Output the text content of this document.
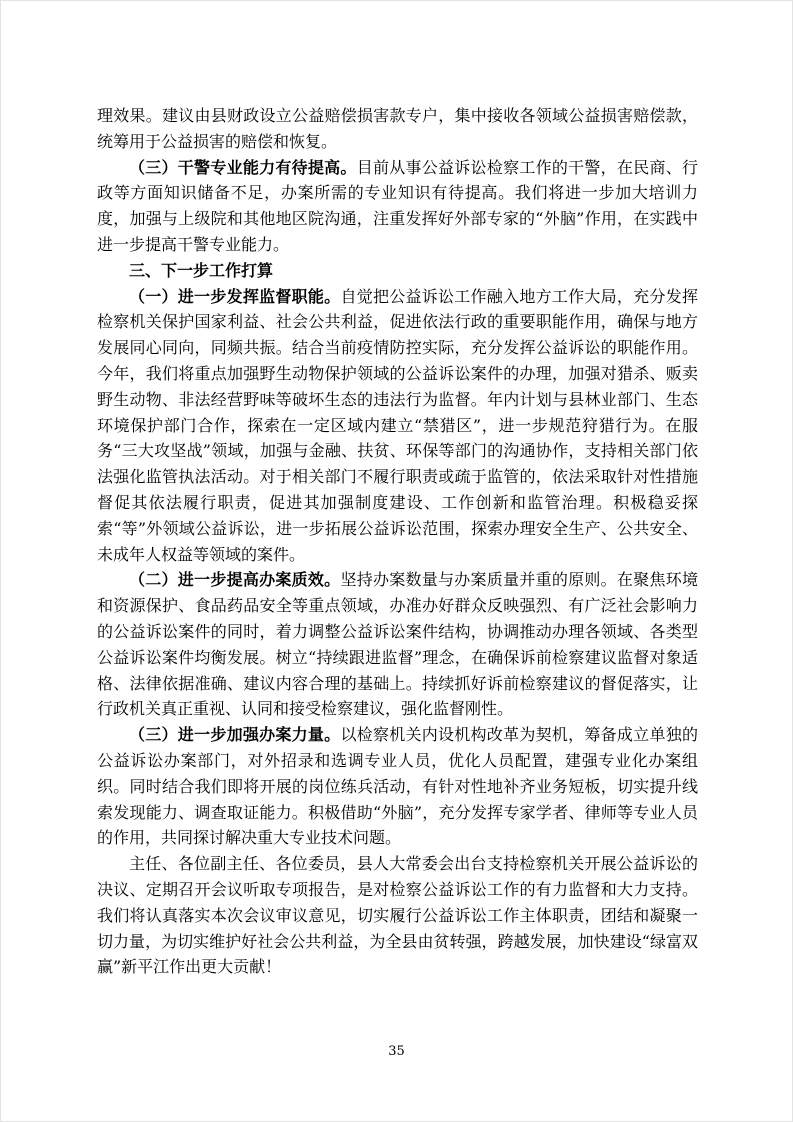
理效果。建议由县财政设立公益赔偿损害款专户，集中接收各领域公益损害赔偿款，统筹用于公益损害的赔偿和恢复。

（三）干警专业能力有待提高。目前从事公益诉讼检察工作的干警，在民商、行政等方面知识储备不足，办案所需的专业知识有待提高。我们将进一步加大培训力度，加强与上级院和其他地区院沟通，注重发挥好外部专家的“外脑”作用，在实践中进一步提高干警专业能力。

三、下一步工作打算

（一）进一步发挥监督职能。自觉把公益诉讼工作融入地方工作大局，充分发挥检察机关保护国家利益、社会公共利益，促进依法行政的重要职能作用，确保与地方发展同心同向，同频共振。结合当前疫情防控实际，充分发挥公益诉讼的职能作用。今年，我们将重点加强野生动物保护领域的公益诉讼案件的办理，加强对猎杀、贩卖野生动物、非法经营野味等破坏生态的违法行为监督。年内计划与县林业部门、生态环境保护部门合作，探索在一定区域内建立“禁猎区”，进一步规范狩猎行为。在服务“三大攻坚战”领域，加强与金融、扶贫、环保等部门的沟通协作，支持相关部门依法强化监管执法活动。对于相关部门不履行职责或疏于监管的，依法采取针对性措施督促其依法履行职责，促进其加强制度建设、工作创新和监管治理。积极稳妥探索“等”外领域公益诉讼，进一步拓展公益诉讼范围，探索办理安全生产、公共安全、未成年人权益等领域的案件。

（二）进一步提高办案质效。坚持办案数量与办案质量并重的原则。在聚焦环境和资源保护、食品药品安全等重点领域，办准办好群众反映强烈、有广泛社会影响力的公益诉讼案件的同时，着力调整公益诉讼案件结构，协调推动办理各领域、各类型公益诉讼案件均衡发展。树立“持续跟进监督”理念，在确保诉前检察建议监督对象适格、法律依据准确、建议内容合理的基础上。持续抓好诉前检察建议的督促落实，让行政机关真正重视、认同和接受检察建议，强化监督刚性。

（三）进一步加强办案力量。以检察机关内设机构改革为契机，筹备成立单独的公益诉讼办案部门，对外招录和选调专业人员，优化人员配置，建强专业化办案组织。同时结合我们即将开展的岗位练兵活动，有针对性地补齐业务短板，切实提升线索发现能力、调查取证能力。积极借助“外脑”，充分发挥专家学者、律师等专业人员的作用，共同探讨解决重大专业技术问题。

主任、各位副主任、各位委员，县人大常委会出台支持检察机关开展公益诉讼的决议、定期召开会议听取专项报告，是对检察公益诉讼工作的有力监督和大力支持。我们将认真落实本次会议审议意见，切实履行公益诉讼工作主体职责，团结和凝聚一切力量，为切实维护好社会公共利益，为全县由贫转强，跨越发展，加快建设“绿富双赢”新平江作出更大贡献！

35
